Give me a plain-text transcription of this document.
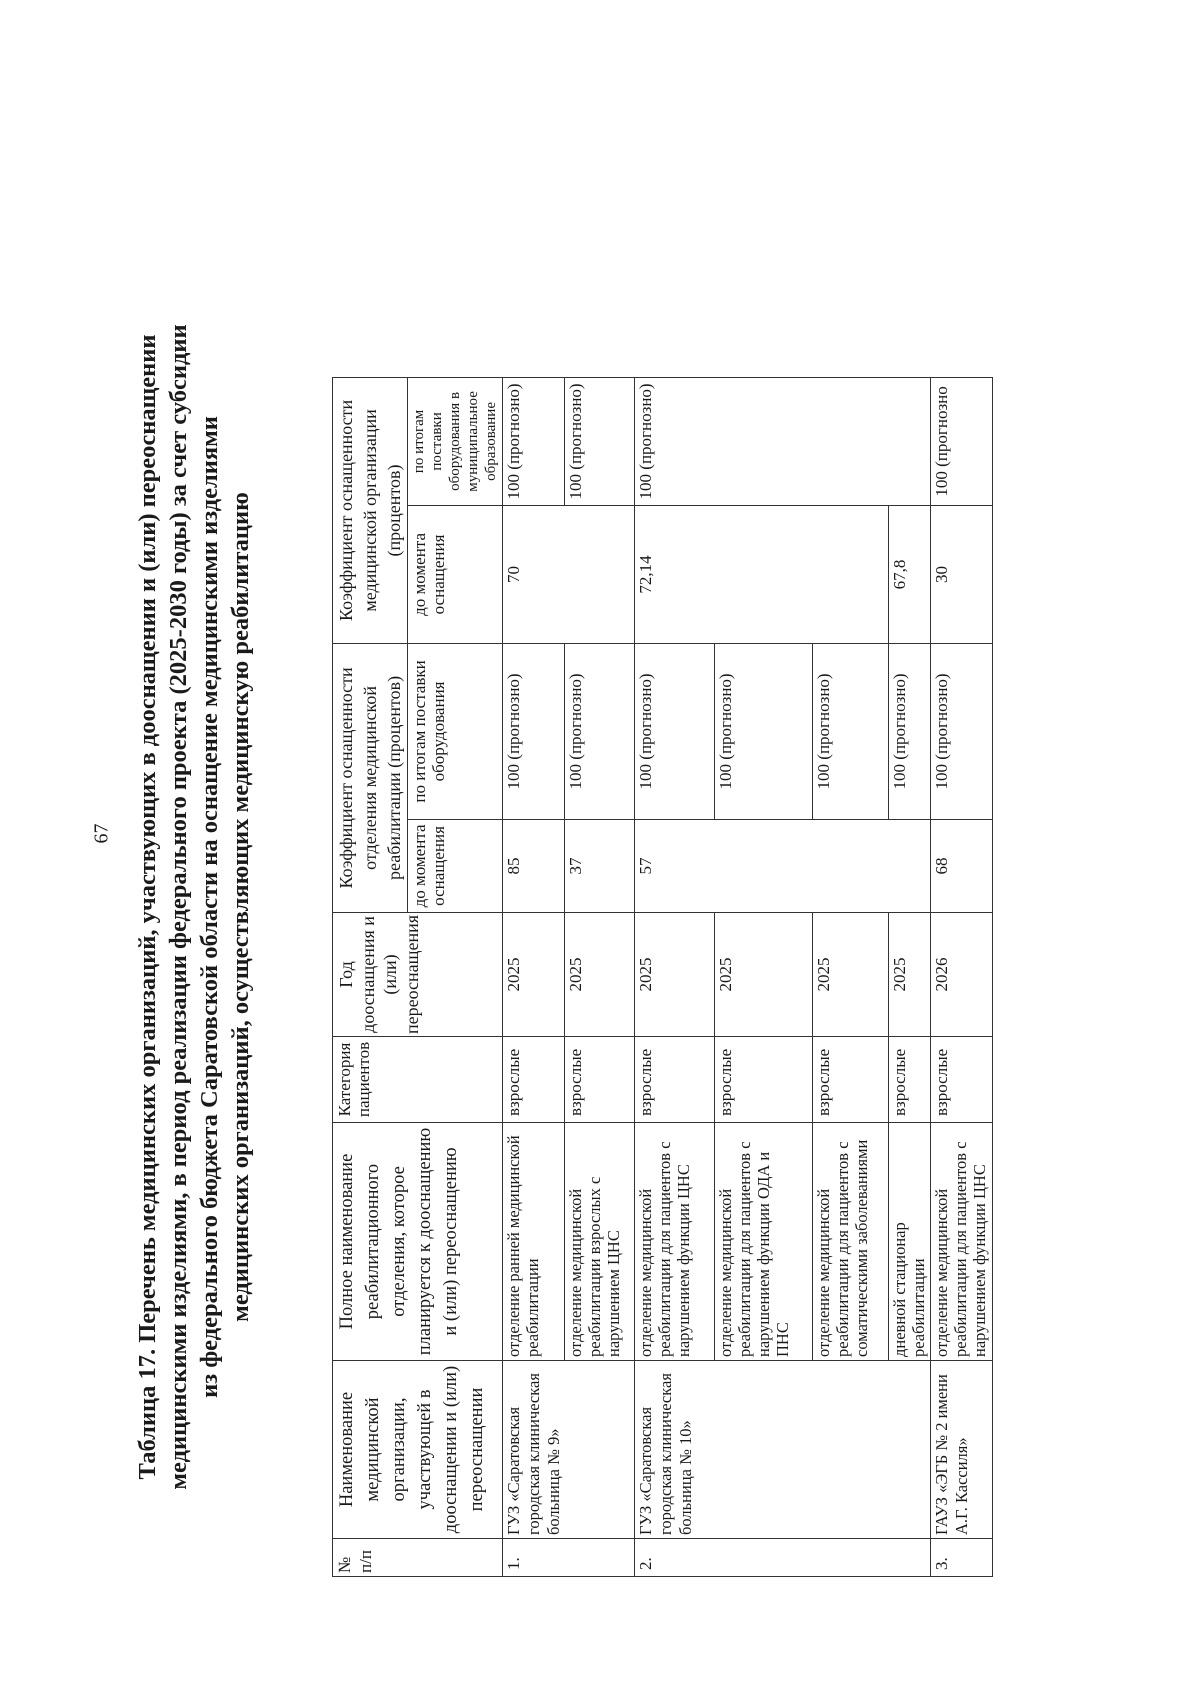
67 Таблица 17. Перечень медицинских организаций, участвующих в дооснащении и (или) переоснащении медицинскими изделиями, в период реализации федерального проекта (2025-2030 годы) за счет субсидии из федерального бюджета Саратовской области на оснащение медицинскими изделиями медицинских организаций, осуществляющих медицинскую реабилитацию
№ п/п	Наименование медицинской организации, участвующей в дооснащении и (или) переоснащении	Полное наименование реабилитационного отделения, которое планируется к дооснащению и (или) переоснащению	Категория пациентов	Год дооснащения и (или) переоснащения	Коэффициент оснащенности отделения медицинской реабилитации (процентов)		Коэффициент оснащенности медицинской организации (процентов)	
					до момента оснащения	по итогам поставки оборудования	до момента оснащения	по итогам поставки оборудования в муниципальное образование
1.	ГУЗ «Саратовская городская клиническая больница № 9»	отделение ранней медицинской реабилитации	взрослые	2025	85	100 (прогнозно)	70	100 (прогнозно)
		отделение медицинской реабилитации взрослых с нарушением ЦНС	взрослые	2025	37	100 (прогнозно)		100 (прогнозно)
2.	ГУЗ «Саратовская городская клиническая больница № 10»	отделение медицинской реабилитации для пациентов с нарушением функции ЦНС	взрослые	2025	57	100 (прогнозно)	72,14	100 (прогнозно)
		отделение медицинской реабилитации для пациентов с нарушением функции ОДА и ПНС	взрослые	2025		100 (прогнозно)		
		отделение медицинской реабилитации для пациентов с соматическими заболеваниями	взрослые	2025		100 (прогнозно)		
		дневной стационар реабилитации	взрослые	2025		100 (прогнозно)	67,8	
3.	ГАУЗ «ЭГБ № 2 имени А.Г. Кассиля»	отделение медицинской реабилитации для пациентов с нарушением функции ЦНС	взрослые	2026	68	100 (прогнозно)	30	100 (прогнозно
